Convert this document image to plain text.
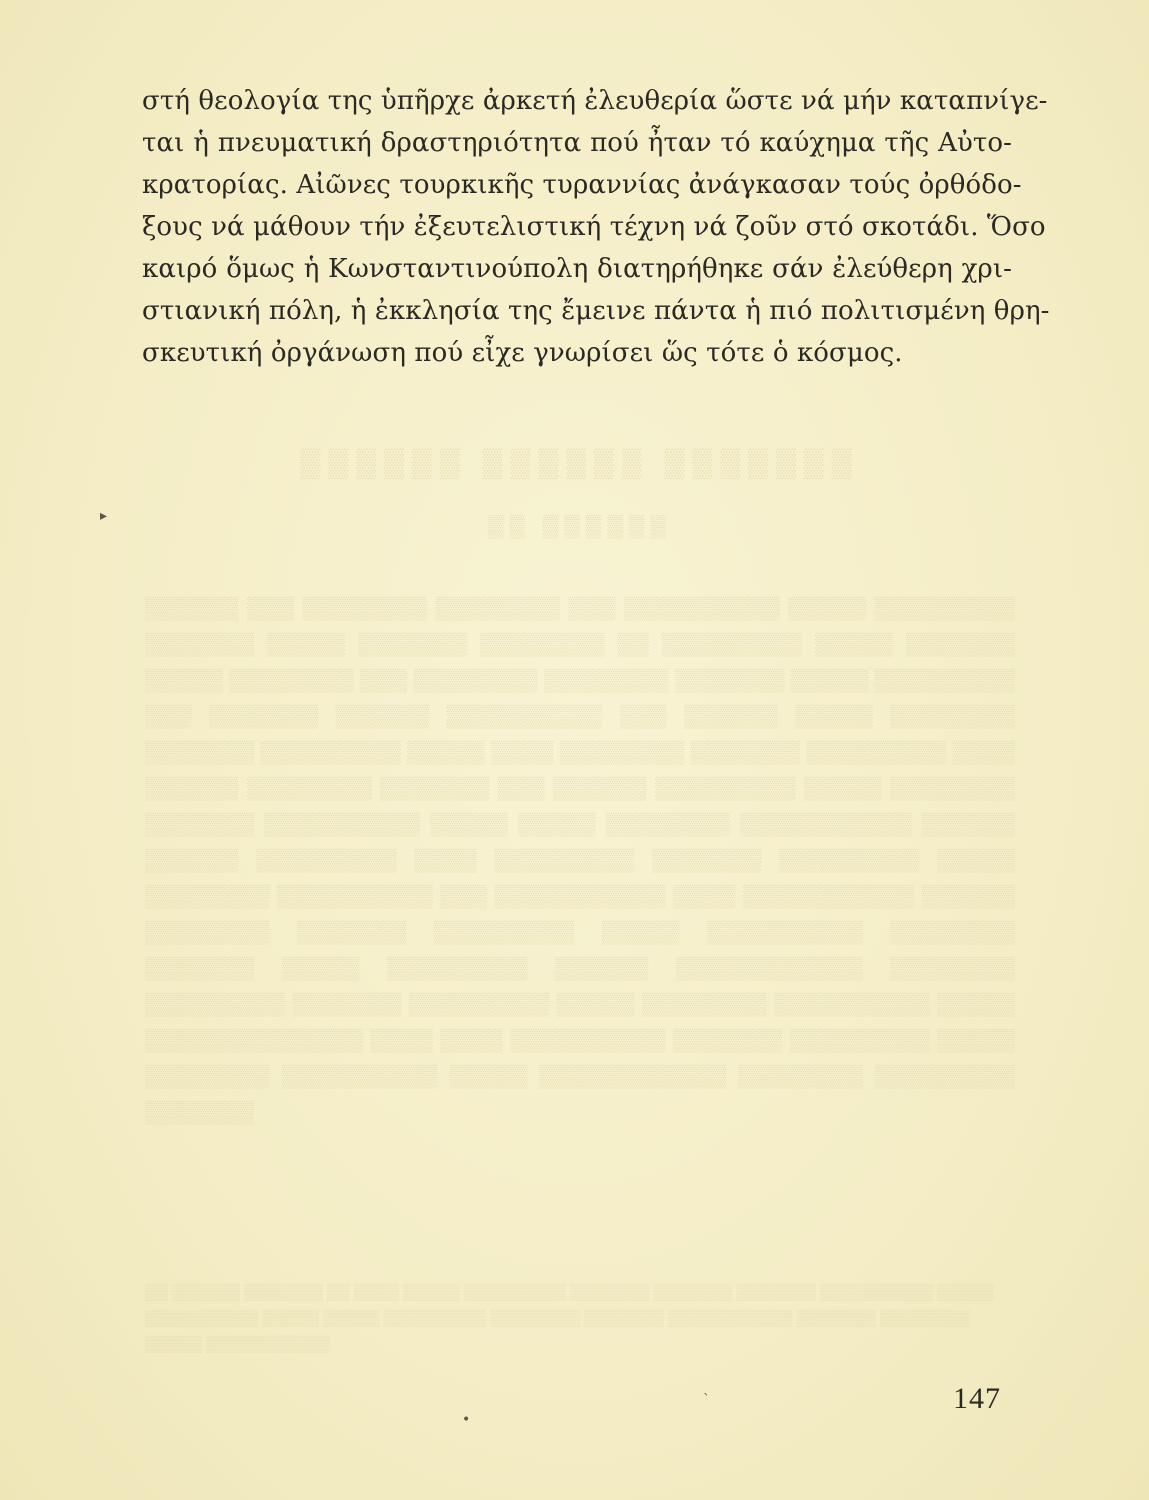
▒▒▒▒▒▒ ▒▒▒▒▒▒ ▒▒▒▒▒▒▒
▒▒ ▒▒▒▒▒▒
▒▒▒▒▒▒ ▒▒▒ ▒▒▒▒▒▒▒▒ ▒▒▒▒▒▒▒▒ ▒▒▒ ▒▒▒▒▒▒▒▒▒▒ ▒▒▒▒▒ ▒▒▒▒▒▒▒▒▒ ▒▒▒▒▒▒▒ ▒▒▒▒▒ ▒▒▒▒▒▒▒ ▒▒▒▒▒▒▒▒ ▒▒ ▒▒▒▒▒▒▒▒▒ ▒▒▒▒▒ ▒▒▒▒▒▒▒ ▒▒▒▒▒ ▒▒▒▒▒▒▒▒ ▒▒▒ ▒▒▒▒▒▒▒▒ ▒▒▒▒▒▒▒▒ ▒▒▒▒▒▒▒ ▒▒▒▒▒ ▒▒▒▒▒▒▒▒▒ ▒▒▒ ▒▒▒▒▒▒▒ ▒▒▒▒▒▒ ▒▒▒▒▒▒▒▒▒▒ ▒▒▒ ▒▒▒▒▒▒ ▒▒▒▒▒ ▒▒▒▒▒▒▒▒ ▒▒▒▒▒▒▒ ▒▒▒▒▒▒▒▒▒ ▒▒▒▒▒ ▒▒▒▒ ▒▒▒▒▒▒▒▒ ▒▒▒▒▒▒▒ ▒▒▒▒▒▒▒▒▒ ▒▒▒▒ ▒▒▒▒▒▒ ▒▒▒▒▒▒▒▒ ▒▒▒▒▒▒▒ ▒▒▒ ▒▒▒▒▒▒ ▒▒▒▒▒▒▒▒▒ ▒▒▒▒▒ ▒▒▒▒▒▒▒▒ ▒▒▒▒▒▒▒ ▒▒▒▒▒▒▒▒▒▒ ▒▒▒▒▒ ▒▒▒▒▒ ▒▒▒▒▒▒▒▒ ▒▒▒▒▒▒▒▒▒▒▒ ▒▒▒▒▒▒ ▒▒▒▒▒▒ ▒▒▒▒▒▒▒▒▒ ▒▒▒▒ ▒▒▒▒▒▒▒▒▒ ▒▒▒▒▒▒▒ ▒▒▒▒▒▒▒▒▒ ▒▒▒▒▒ ▒▒▒▒▒▒▒▒ ▒▒▒▒▒▒▒▒▒▒ ▒▒▒ ▒▒▒▒▒▒▒▒▒▒▒ ▒▒▒▒ ▒▒▒▒▒▒▒▒▒▒▒ ▒▒▒▒▒▒ ▒▒▒▒▒▒▒▒ ▒▒▒▒▒▒▒ ▒▒▒▒▒▒▒▒▒ ▒▒▒▒▒ ▒▒▒▒▒▒▒▒▒▒ ▒▒▒▒▒▒▒▒ ▒▒▒▒▒▒▒ ▒▒▒▒▒ ▒▒▒▒▒▒▒▒▒ ▒▒▒▒▒▒ ▒▒▒▒▒▒▒▒▒▒▒▒ ▒▒▒▒▒▒▒▒ ▒▒▒▒▒▒▒▒▒ ▒▒▒▒▒▒▒ ▒▒▒▒▒▒▒▒▒ ▒▒▒▒▒ ▒▒▒▒▒▒▒▒ ▒▒▒▒▒▒▒▒▒▒ ▒▒▒▒▒ ▒▒▒▒▒▒▒▒▒▒▒▒▒▒ ▒▒▒▒ ▒▒▒▒ ▒▒▒▒▒▒▒▒▒▒ ▒▒▒▒▒▒▒ ▒▒▒▒▒▒▒▒▒ ▒▒▒▒▒ ▒▒▒▒▒▒▒▒ ▒▒▒▒▒▒▒▒▒▒ ▒▒▒▒▒ ▒▒▒▒▒▒▒▒▒▒▒▒ ▒▒▒▒▒▒▒▒ ▒▒▒▒▒▒▒▒▒ ▒▒▒▒▒▒▒
▒▒ ▒▒▒▒▒▒ ▒▒▒▒▒▒▒ ▒▒ ▒▒▒▒ ▒▒▒▒▒ ▒▒▒▒▒▒▒▒▒ ▒▒▒▒▒▒▒ ▒▒▒▒▒▒▒ ▒▒▒▒▒▒▒ ▒▒▒▒▒▒▒▒▒▒ ▒▒▒▒▒ ▒▒▒▒▒▒▒▒▒▒ ▒▒▒▒▒ ▒▒▒▒▒ ▒▒▒▒▒▒▒▒▒ ▒▒▒▒▒▒▒▒ ▒▒▒▒▒▒▒ ▒▒▒▒▒▒▒▒▒▒▒ ▒▒▒▒▒▒▒ ▒▒▒▒▒▒▒▒ ▒▒▒▒▒ ▒▒▒▒▒▒▒▒▒▒▒
στή θεολογία της ὑπῆρχε ἀρκετή ἐλευθερία ὥστε νά μήν καταπνίγε-
ται ἡ πνευματική δραστηριότητα πού ἦταν τό καύχημα τῆς Αὐτο-
κρατορίας. Αἰῶνες τουρκικῆς τυραννίας ἀνάγκασαν τούς ὀρθόδο-
ξους νά μάθουν τήν ἐξευτελιστική τέχνη νά ζοῦν στό σκοτάδι. Ὅσο
καιρό ὅμως ἡ Κωνσταντινούπολη διατηρήθηκε σάν ἐλεύθερη χρι-
στιανική πόλη, ἡ ἐκκλησία της ἔμεινε πάντα ἡ πιό πολιτισμένη θρη-
σκευτική ὀργάνωση πού εἶχε γνωρίσει ὥς τότε ὁ κόσμος.
▸
ˋ
•
147
